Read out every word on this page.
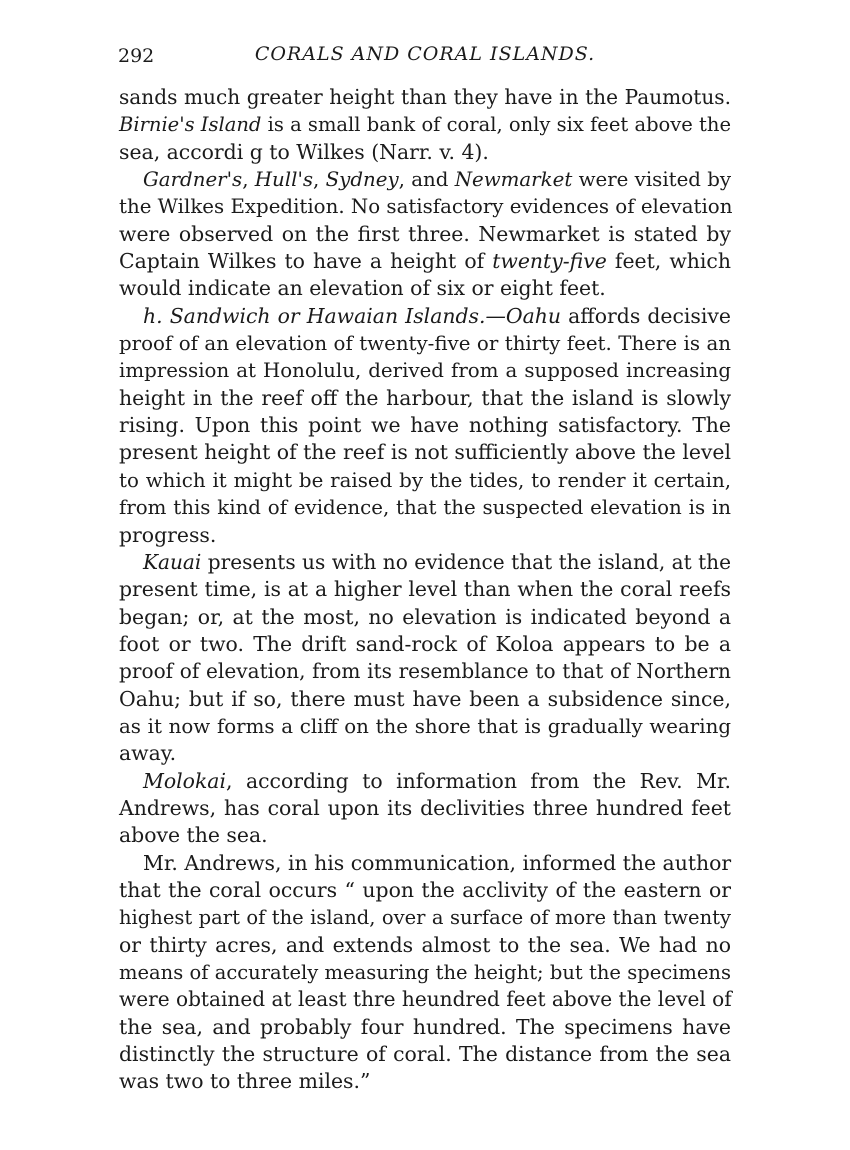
292	CORALS AND CORAL ISLANDS.
sands much greater height than they have in the Paumotus.
Birnie's Island is a small bank of coral, only six feet above the
sea, accordi g to Wilkes (Narr. v. 4).
Gardner's, Hull's, Sydney, and Newmarket were visited by
the Wilkes Expedition. No satisfactory evidences of elevation
were observed on the first three. Newmarket is stated by
Captain Wilkes to have a height of twenty-five feet, which
would indicate an elevation of six or eight feet.
h. Sandwich or Hawaian Islands.—Oahu affords decisive
proof of an elevation of twenty-five or thirty feet. There is an
impression at Honolulu, derived from a supposed increasing
height in the reef off the harbour, that the island is slowly
rising. Upon this point we have nothing satisfactory. The
present height of the reef is not sufficiently above the level
to which it might be raised by the tides, to render it certain,
from this kind of evidence, that the suspected elevation is in
progress.
Kauai presents us with no evidence that the island, at the
present time, is at a higher level than when the coral reefs
began; or, at the most, no elevation is indicated beyond a
foot or two. The drift sand-rock of Koloa appears to be a
proof of elevation, from its resemblance to that of Northern
Oahu; but if so, there must have been a subsidence since,
as it now forms a cliff on the shore that is gradually wearing
away.
Molokai, according to information from the Rev. Mr.
Andrews, has coral upon its declivities three hundred feet
above the sea.
Mr. Andrews, in his communication, informed the author
that the coral occurs “ upon the acclivity of the eastern or
highest part of the island, over a surface of more than twenty
or thirty acres, and extends almost to the sea. We had no
means of accurately measuring the height; but the specimens
were obtained at least thre heundred feet above the level of
the sea, and probably four hundred. The specimens have
distinctly the structure of coral. The distance from the sea
was two to three miles.”
